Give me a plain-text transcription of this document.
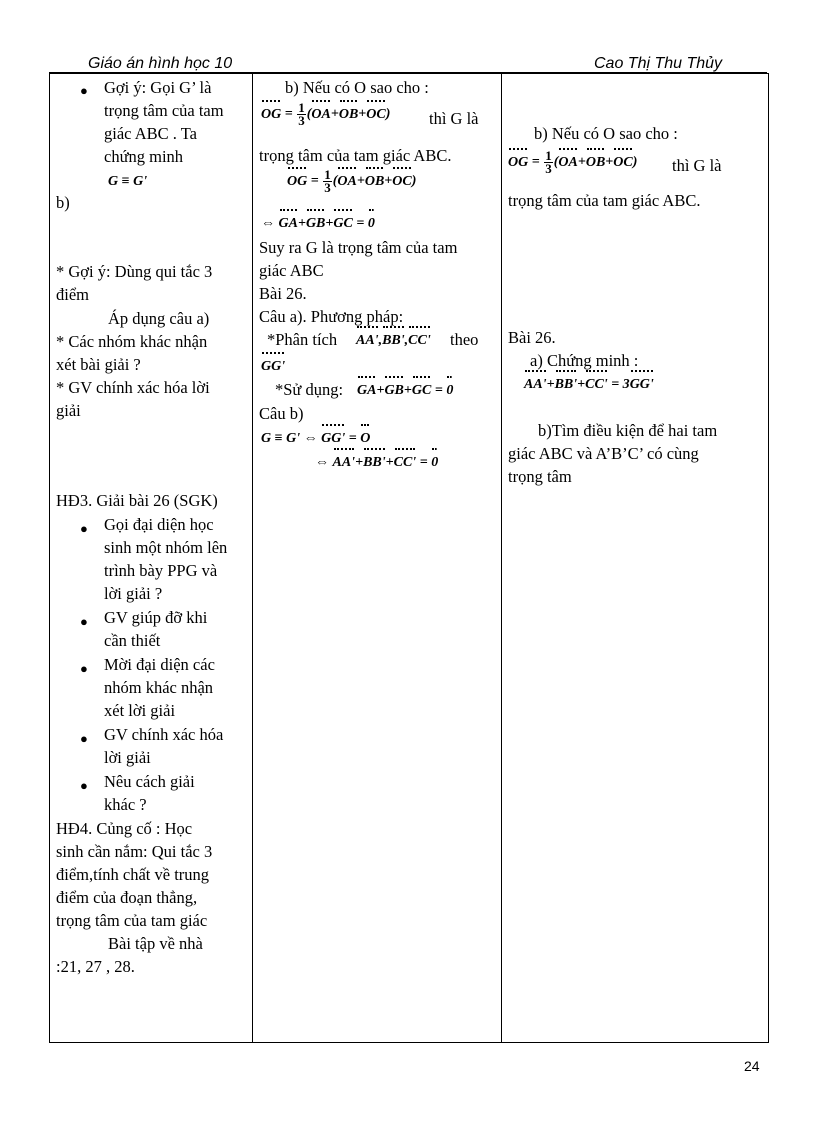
Giáo án hình học 10	Cao Thị Thu Thủy
● Gợi ý: Gọi G’ là
trọng tâm của tam
giác ABC . Ta
chứng minh
G ≡ G'
b)
* Gợi ý: Dùng qui tắc 3
điểm
Áp dụng câu a)
* Các nhóm khác nhận
xét bài giải ?
* GV chính xác hóa lời
giải
HĐ3. Giải bài 26 (SGK)
● Gọi đại diện học
sinh một nhóm lên
trình bày PPG và
lời giải ?
● GV giúp đỡ khi
cần thiết
● Mời đại diện các
nhóm khác nhận
xét lời giải
● GV chính xác hóa
lời giải
● Nêu cách giải
khác ?
HĐ4. Củng cố : Học
sinh cần nắm: Qui tắc 3
điểm,tính chất về trung
điểm của đoạn thẳng,
trọng tâm của tam giác
Bài tập về nhà
:21, 27 , 28.

b) Nếu có O sao cho :
OG = $\frac{1}{3} (OA+OB+OC)$ thì G là
trọng tâm của tam giác ABC.
OG = $\frac{1}{3} (OA+OB+OC)$
⇔ GA+GB+GC = 0
Suy ra G là trọng tâm của tam
giác ABC
Bài 26.
Câu a). Phương pháp:
*Phân tích AA',BB',CC' theo
GG'
*Sử dụng: GA+GB+GC = 0
Câu b)
G ≡ G' ⇔ GG' = O
⇔ AA'+BB'+CC' = 0

b) Nếu có O sao cho :
OG = $\frac{1}{3} (OA+OB+OC)$ thì G là
trọng tâm của tam giác ABC.
Bài 26.
a) Chứng minh :
AA'+BB'+CC' = 3GG'
b)Tìm điều kiện để hai tam
giác ABC và A’B’C’ có cùng
trọng tâm
24
